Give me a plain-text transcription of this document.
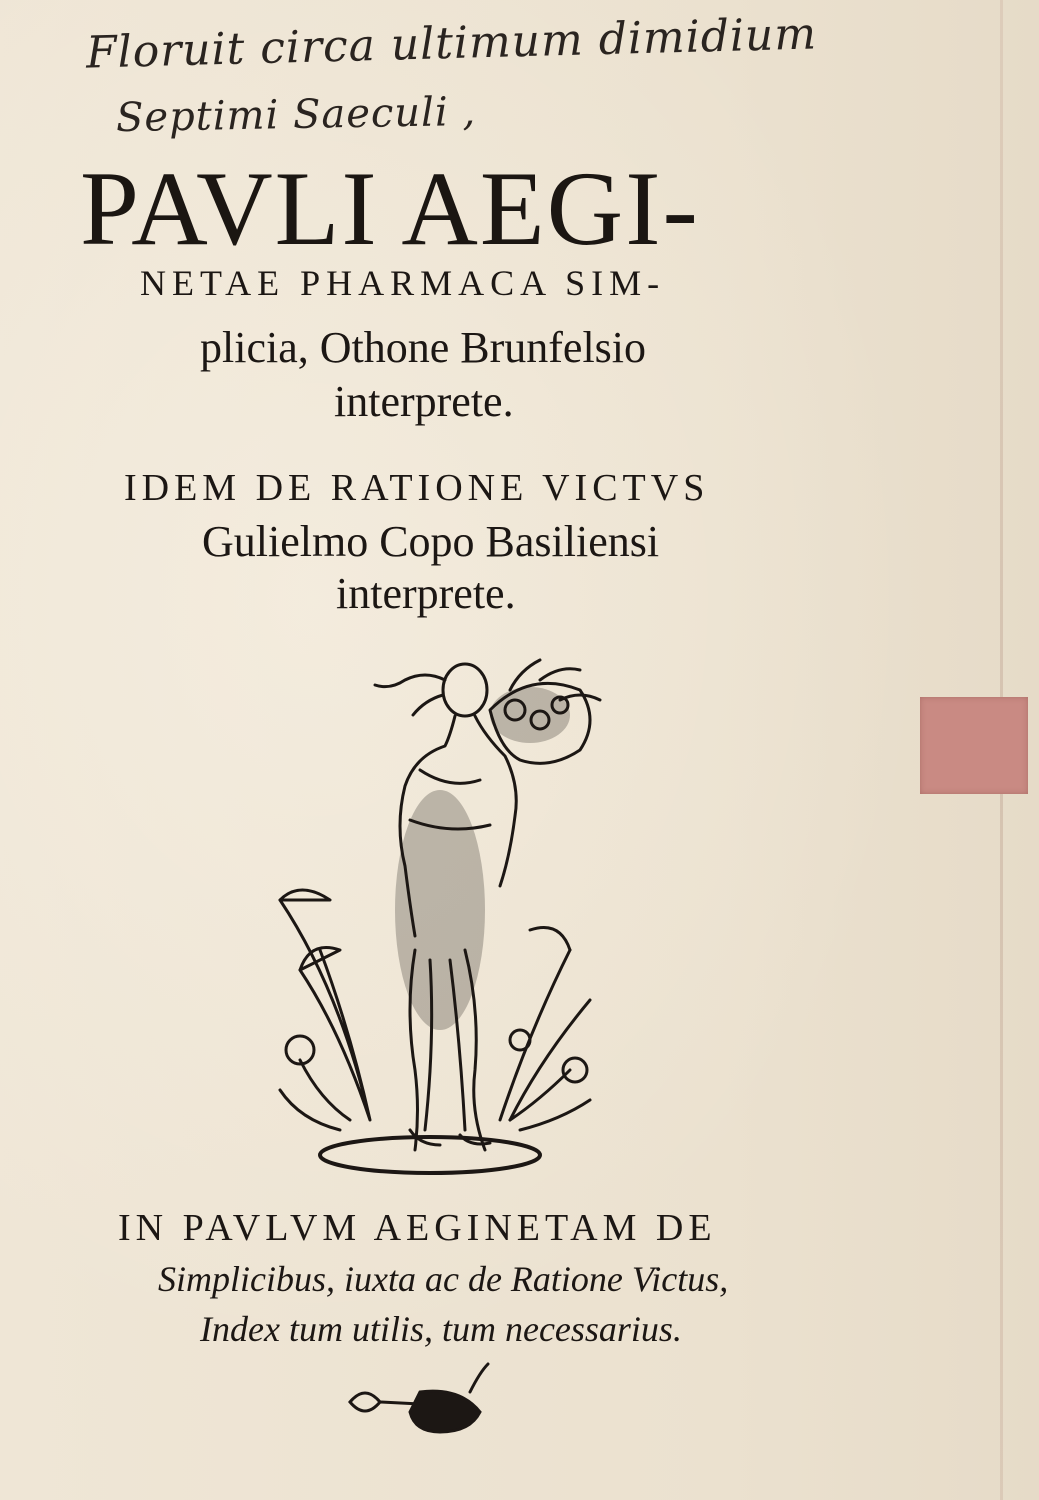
Floruit circa ultimum dimidium
Septimi Saeculi ,
PAVLI AEGI-
NETAE PHARMACA SIM-
plicia, Othone Brunfelsio
interprete.
IDEM DE RATIONE VICTVS
Gulielmo Copo Basiliensi
interprete.
IN PAVLVM AEGINETAM DE
Simplicibus, iuxta ac de Ratione Victus,
Index tum utilis, tum necessarius.
